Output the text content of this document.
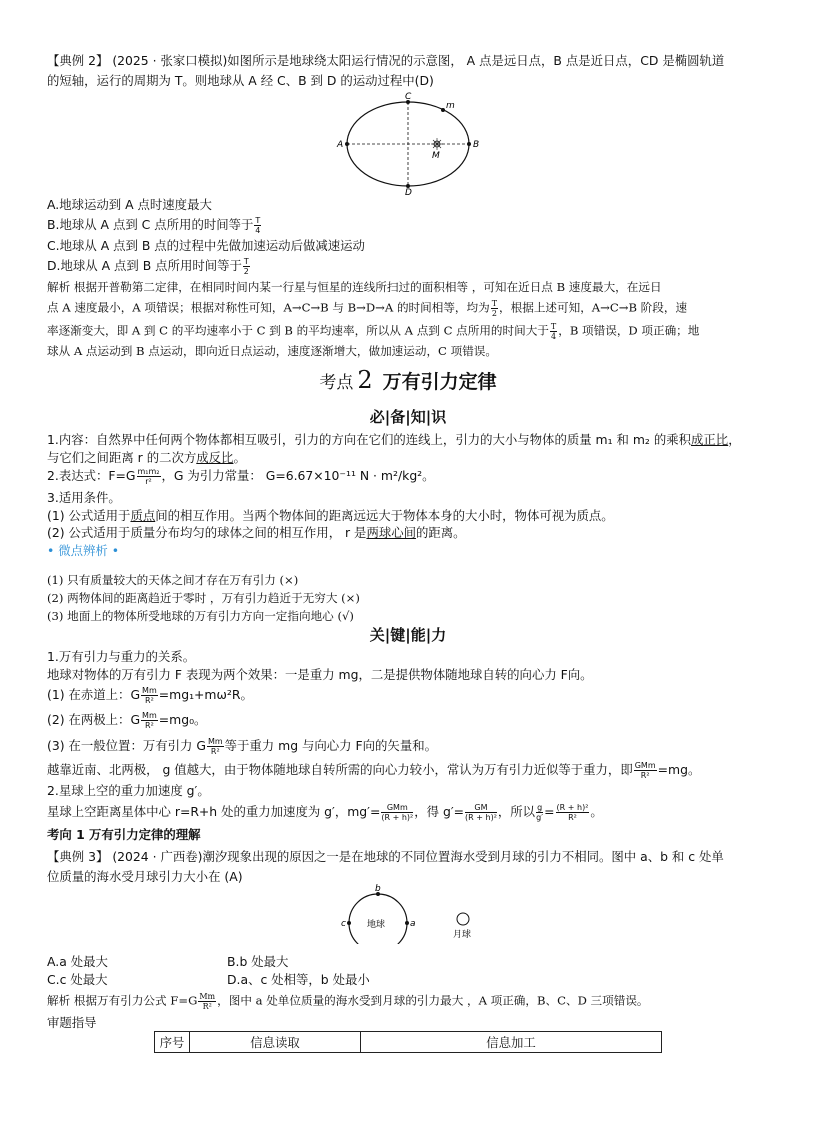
【典例 2】 (2025 · 张家口模拟)如图所示是地球绕太阳运行情况的示意图， A 点是远日点，B 点是近日点，CD 是椭圆轨道
的短轴，运行的周期为 T。则地球从 A 经 C、B 到 D 的运动过程中(D)
A	B
C
D
m
M
A.地球运动到 A 点时速度最大
B.地球从 A 点到 C 点所用的时间等于 $\frac{T}{4}$
C.地球从 A 点到 B 点的过程中先做加速运动后做减速运动
D.地球从 A 点到 B 点所用时间等于 $\frac{T}{2}$
解析 根据开普勒第二定律，在相同时间内某一行星与恒星的连线所扫过的面积相等 ，可知在近日点 B 速度最大，在远日
点 A 速度最小，A 项错误；根据对称性可知，A→C→B 与 B→D→A 的时间相等，均为 $\frac{T}{2}$ ，根据上述可知，A→C→B 阶段，速
率逐渐变大，即 A 到 C 的平均速率小于 C 到 B 的平均速率，所以从 A 点到 C 点所用的时间大于 $\frac{T}{4}$ ，B 项错误，D 项正确；地
球从 A 点运动到 B 点运动，即向近日点运动，速度逐渐增大，做加速运动，C 项错误。
考点 2 万有引力定律
必|备|知|识
1.内容：自然界中任何两个物体都相互吸引，引力的方向在它们的连线上，引力的大小与物体的质量 m₁ 和 m₂ 的乘积成正比，
与它们之间距离 r 的二次方成反比。
2.表达式：$F=G \frac{\text{m₁m₂}}{\text{r²}}$ ，G 为引力常量： G=6.67×10⁻¹¹ N · m²/kg²。
3.适用条件。
(1) 公式适用于质点间的相互作用。当两个物体间的距离远远大于物体本身的大小时，物体可视为质点。
(2) 公式适用于质量分布均匀的球体之间的相互作用， r 是两球心间的距离。
• 微点辨析 •
(1) 只有质量较大的天体之间才存在万有引力 (×)
(2) 两物体间的距离趋近于零时 ，万有引力趋近于无穷大 (×)
(3) 地面上的物体所受地球的万有引力方向一定指向地心 (√)
关|键|能|力
1.万有引力与重力的关系。
地球对物体的万有引力 F 表现为两个效果：一是重力 mg，二是提供物体随地球自转的向心力 F向。
(1) 在赤道上：G $\frac{Mm}{\text{R²}} =mg_1+m\omega^2R$。
(2) 在两极上：G $\frac{Mm}{\text{R²}} =mg_0$。
(3) 在一般位置：万有引力 G $\frac{Mm}{\text{R²}}$ 等于重力 mg 与向心力 F向的矢量和。
越靠近南、北两极， g 值越大，由于物体随地球自转所需的向心力较小，常认为万有引力近似等于重力，即 $\frac{\text{GMm}}{\text{R²}} =mg$。
2.星球上空的重力加速度 g′。
星球上空距离星体中心 r=R+h 处的重力加速度为 g′，$mg'= \frac{\text{GMm}}{\text{(R + h)²}}$ ，得 $g'= \frac{GM}{\text{(R + h)²}}$ ，所以 $\frac{g}{g'} = \frac{\text{(R + h)²}}{\text{R²}}$ 。
考向 1 万有引力定律的理解
【典例 3】 (2024 · 广西卷)潮汐现象出现的原因之一是在地球的不同位置海水受到月球的引力不相同。图中 a、b 和 c 处单
位质量的海水受月球引力大小在 (A)
地球
月球
b
c	a
A.a 处最大	B.b 处最大
C.c 处最大	D.a、c 处相等，b 处最小
解析 根据万有引力公式 $F=G \frac{Mm}{\text{R²}}$ ，图中 a 处单位质量的海水受到月球的引力最大 ，A 项正确，B、C、D 三项错误。
审题指导
序号	信息读取	信息加工
